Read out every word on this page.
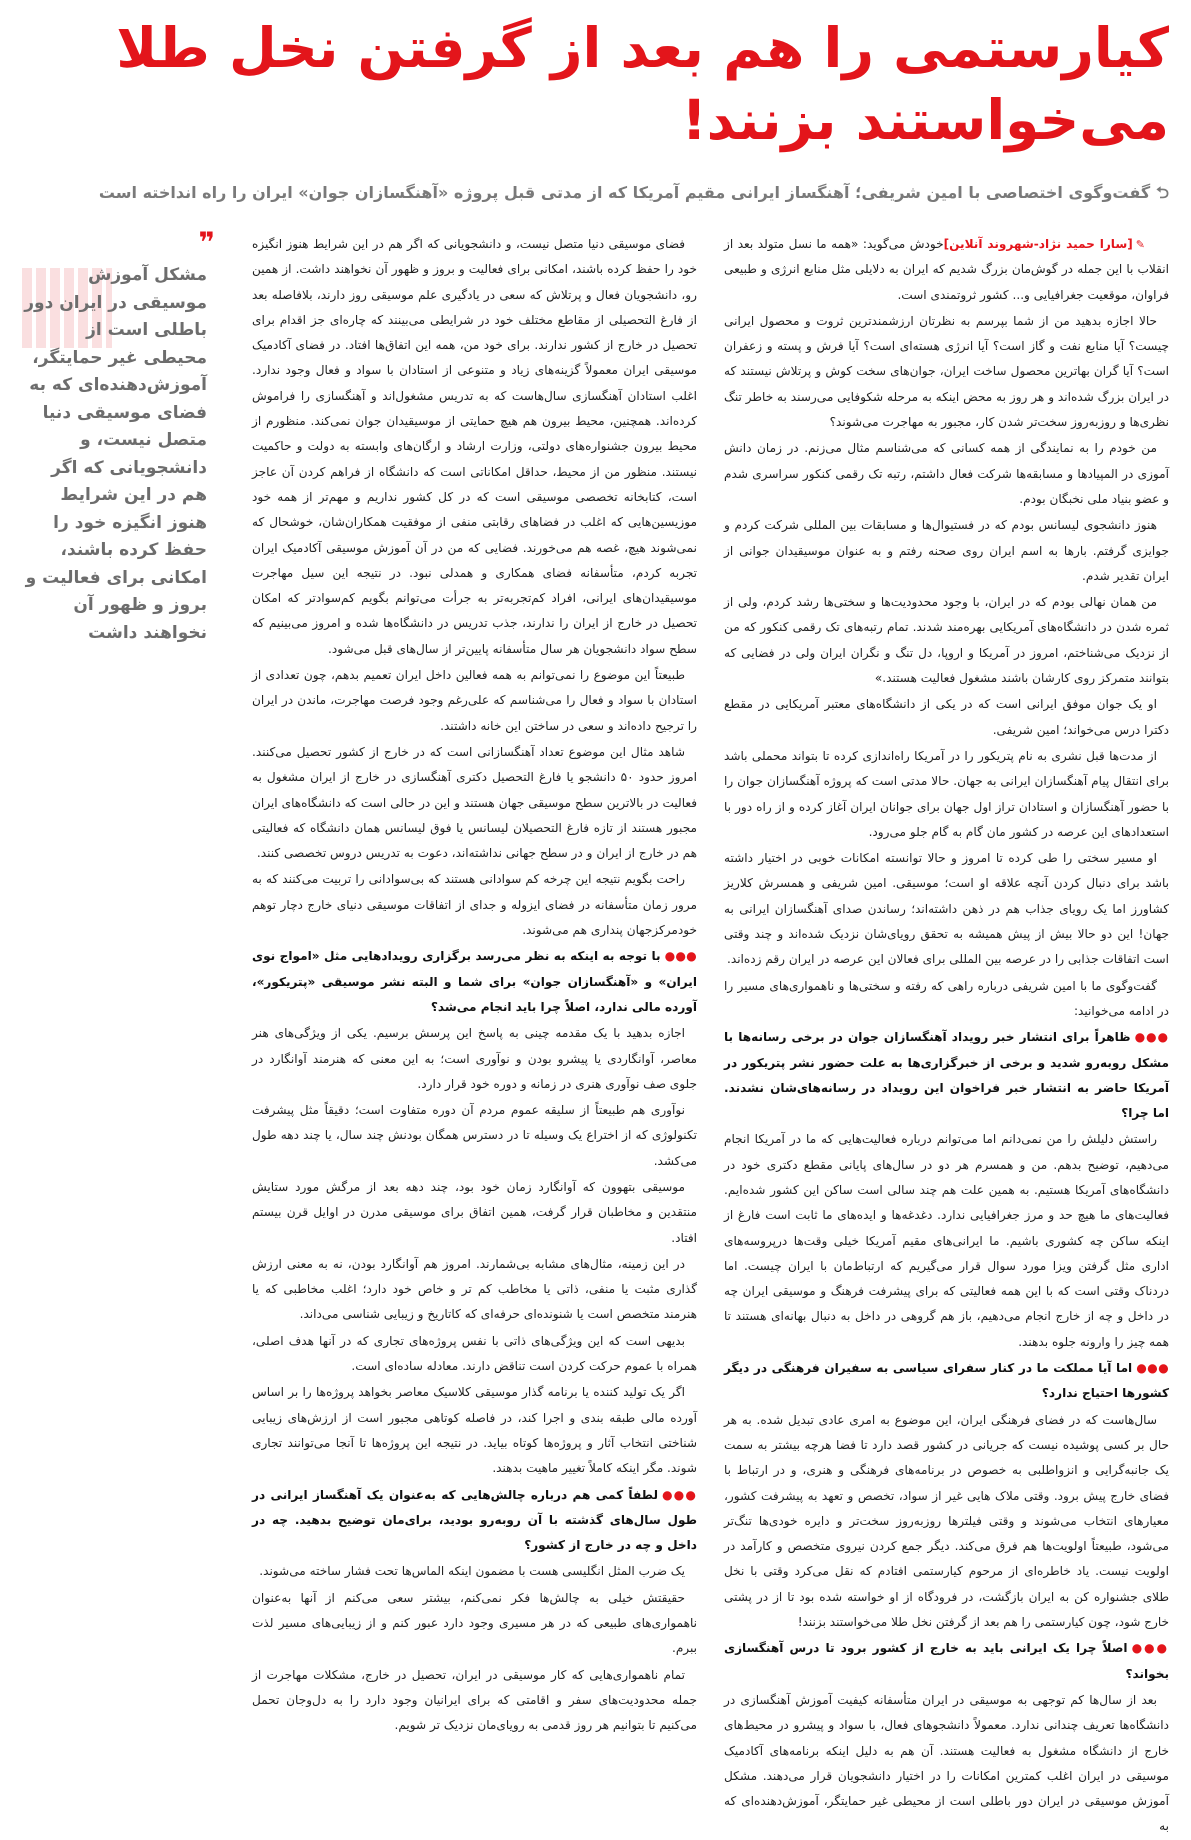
کیارستمی را هم بعد از گرفتن نخل طلا می‌خواستند بزنند!

⮌گفت‌وگوی اختصاصی با امین شریفی؛ آهنگساز ایرانی مقیم آمریکا که از مدتی قبل پروژه «آهنگسازان جوان» ایران را راه انداخته است

✎[سارا حمید نژاد-شهروند آنلاین]خودش می‌گوید: «همه ما نسل متولد بعد از انقلاب با این جمله در گوش‌مان بزرگ شدیم که ایران به دلایلی مثل منابع انرژی و طبیعی فراوان، موقعیت جغرافیایی و... کشور ثروتمندی است.

حالا اجازه بدهید من از شما بپرسم به نظرتان ارزشمندترین ثروت و محصول ایرانی چیست؟ آیا منابع نفت و گاز است؟ آیا انرژی هسته‌ای است؟ آیا فرش و پسته و زعفران است؟ آیا گران بهاترین محصول ساخت ایران، جوان‌های سخت کوش و پرتلاش نیستند که در ایران بزرگ شده‌اند و هر روز به محض اینکه به مرحله شکوفایی می‌رسند به خاطر تنگ نظری‌ها و روزبه‌روز سخت‌تر شدن کار، مجبور به مهاجرت می‌شوند؟

من خودم را به نمایندگی از همه کسانی که می‌شناسم مثال می‌زنم. در زمان دانش آموزی در المپیادها و مسابقه‌ها شرکت فعال داشتم، رتبه تک رقمی کنکور سراسری شدم و عضو بنیاد ملی نخبگان بودم.

هنوز دانشجوی لیسانس بودم که در فستیوال‌ها و مسابقات بین المللی شرکت کردم و جوایزی گرفتم. بارها به اسم ایران روی صحنه رفتم و به عنوان موسیقیدان جوانی از ایران تقدیر شدم.

من همان نهالی بودم که در ایران، با وجود محدودیت‌ها و سختی‌ها رشد کردم، ولی از ثمره شدن در دانشگاه‌های آمریکایی بهره‌مند شدند. تمام رتبه‌های تک رقمی کنکور که من از نزدیک می‌شناختم، امروز در آمریکا و اروپا، دل تنگ و نگران ایران ولی در فضایی که بتوانند متمرکز روی کارشان باشند مشغول فعالیت هستند.»

او یک جوان موفق ایرانی است که در یکی از دانشگاه‌های معتبر آمریکایی در مقطع دکترا درس می‌خواند؛ امین شریفی.

از مدت‌ها قبل نشری به نام پتریکور را در آمریکا راه‌اندازی کرده تا بتواند محملی باشد برای انتقال پیام آهنگسازان ایرانی به جهان. حالا مدتی است که پروژه آهنگسازان جوان را با حضور آهنگسازان و استادان تراز اول جهان برای جوانان ایران آغاز کرده و از راه دور با استعدادهای این عرصه در کشور مان گام به گام جلو می‌رود.

او مسیر سختی را طی کرده تا امروز و حالا توانسته امکانات خوبی در اختیار داشته باشد برای دنبال کردن آنچه علاقه او است؛ موسیقی. امین شریفی و همسرش کلاریز کشاورز اما یک رویای جذاب هم در ذهن داشته‌اند؛ رساندن صدای آهنگسازان ایرانی به جهان! این دو حالا بیش از پیش همیشه به تحقق رویای‌شان نزدیک شده‌اند و چند وقتی است اتفاقات جذابی را در عرصه بین المللی برای فعالان این عرصه در ایران رقم زده‌اند.

گفت‌وگوی ما با امین شریفی درباره راهی که رفته و سختی‌ها و ناهمواری‌های مسیر را در ادامه می‌خوانید:

●●●ظاهراً برای انتشار خبر رویداد آهنگسازان جوان در برخی رسانه‌ها با مشکل روبه‌رو شدید و برخی از خبرگزاری‌ها به علت حضور نشر پتریکور در آمریکا حاضر به انتشار خبر فراخوان این رویداد در رسانه‌های‌شان نشدند. اما چرا؟

راستش دلیلش را من نمی‌دانم اما می‌توانم درباره فعالیت‌هایی که ما در آمریکا انجام می‌دهیم، توضیح بدهم. من و همسرم هر دو در سال‌های پایانی مقطع دکتری خود در دانشگاه‌های آمریکا هستیم. به همین علت هم چند سالی است ساکن این کشور شده‌ایم. فعالیت‌های ما هیچ حد و مرز جغرافیایی ندارد. دغدغه‌ها و ایده‌های ما ثابت است فارغ از اینکه ساکن چه کشوری باشیم. ما ایرانی‌های مقیم آمریکا خیلی وقت‌ها درپروسه‌های اداری مثل گرفتن ویزا مورد سوال قرار می‌گیریم که ارتباط‌مان با ایران چیست. اما دردناک وقتی است که با این همه فعالیتی که برای پیشرفت فرهنگ و موسیقی ایران چه در داخل و چه از خارج انجام می‌دهیم، باز هم گروهی در داخل به دنبال بهانه‌ای هستند تا همه چیز را وارونه جلوه بدهند.

●●●اما آیا مملکت ما در کنار سفرای سیاسی به سفیران فرهنگی در دیگر کشورها احتیاج ندارد؟

سال‌هاست که در فضای فرهنگی ایران، این موضوع به امری عادی تبدیل شده. به هر حال بر کسی پوشیده نیست که جریانی در کشور قصد دارد تا فضا هرچه بیشتر به سمت یک جانبه‌گرایی و انزواطلبی به خصوص در برنامه‌های فرهنگی و هنری، و در ارتباط با فضای خارج پیش برود. وقتی ملاک هایی غیر از سواد، تخصص و تعهد به پیشرفت کشور، معیارهای انتخاب می‌شوند و وقتی فیلترها روزبه‌روز سخت‌تر و دایره خودی‌ها تنگ‌تر می‌شود، طبیعتاً اولویت‌ها هم فرق می‌کند. دیگر جمع کردن نیروی متخصص و کارآمد در اولویت نیست. یاد خاطره‌ای از مرحوم کیارستمی افتادم که نقل می‌کرد وقتی با نخل طلای جشنواره کن به ایران بازگشت، در فرودگاه از او خواسته شده بود تا از در پشتی خارج شود، چون کیارستمی را هم بعد از گرفتن نخل طلا می‌خواستند بزنند!

●●●اصلاً چرا یک ایرانی باید به خارج از کشور برود تا درس آهنگسازی بخواند؟

بعد از سال‌ها کم توجهی به موسیقی در ایران متأسفانه کیفیت آموزش آهنگسازی در دانشگاه‌ها تعریف چندانی ندارد. معمولاً دانشجوهای فعال، با سواد و پیشرو در محیط‌های خارج از دانشگاه مشغول به فعالیت هستند. آن هم به دلیل اینکه برنامه‌های آکادمیک موسیقی در ایران اغلب کمترین امکانات را در اختیار دانشجویان قرار می‌دهند. مشکل آموزش موسیقی در ایران دور باطلی است از محیطی غیر حمایتگر، آموزش‌دهنده‌ای که به

فضای موسیقی دنیا متصل نیست، و دانشجویانی که اگر هم در این شرایط هنوز انگیزه خود را حفظ کرده باشند، امکانی برای فعالیت و بروز و ظهور آن نخواهند داشت. از همین رو، دانشجویان فعال و پرتلاش که سعی در یادگیری علم موسیقی روز دارند، بلافاصله بعد از فارغ التحصیلی از مقاطع مختلف خود در شرایطی می‌بینند که چاره‌ای جز اقدام برای تحصیل در خارج از کشور ندارند. برای خود من، همه این اتفاق‌ها افتاد. در فضای آکادمیک موسیقی ایران معمولاً گزینه‌های زیاد و متنوعی از استادان با سواد و فعال وجود ندارد. اغلب استادان آهنگسازی سال‌هاست که به تدریس مشغول‌اند و آهنگسازی را فراموش کرده‌اند. همچنین، محیط بیرون هم هیچ حمایتی از موسیقیدان جوان نمی‌کند. منظورم از محیط بیرون جشنواره‌های دولتی، وزارت ارشاد و ارگان‌های وابسته به دولت و حاکمیت نیستند. منظور من از محیط، حداقل امکاناتی است که دانشگاه از فراهم کردن آن عاجز است، کتابخانه تخصصی موسیقی است که در کل کشور نداریم و مهم‌تر از همه خود موزیسین‌هایی که اغلب در فضاهای رقابتی منفی از موفقیت همکاران‌شان، خوشحال که نمی‌شوند هیچ، غصه هم می‌خورند. فضایی که من در آن آموزش موسیقی آکادمیک ایران تجربه کردم، متأسفانه فضای همکاری و همدلی نبود. در نتیجه این سیل مهاجرت موسیقیدان‌های ایرانی، افراد کم‌تجربه‌تر به جرأت می‌توانم بگویم کم‌سوادتر که امکان تحصیل در خارج از ایران را ندارند، جذب تدریس در دانشگاه‌ها شده و امروز می‌بینیم که سطح سواد دانشجویان هر سال متأسفانه پایین‌تر از سال‌های قبل می‌شود.

طبیعتاً این موضوع را نمی‌توانم به همه فعالین داخل ایران تعمیم بدهم، چون تعدادی از استادان با سواد و فعال را می‌شناسم که علی‌رغم وجود فرصت مهاجرت، ماندن در ایران را ترجیح داده‌اند و سعی در ساختن این خانه داشتند.

شاهد مثال این موضوع تعداد آهنگسازانی است که در خارج از کشور تحصیل می‌کنند. امروز حدود ۵۰ دانشجو یا فارغ التحصیل دکتری آهنگسازی در خارج از ایران مشغول به فعالیت در بالاترین سطح موسیقی جهان هستند و این در حالی است که دانشگاه‌های ایران مجبور هستند از تازه فارغ التحصیلان لیسانس یا فوق لیسانس همان دانشگاه که فعالیتی هم در خارج از ایران و در سطح جهانی نداشته‌اند، دعوت به تدریس دروس تخصصی کنند.

راحت بگویم نتیجه این چرخه کم سوادانی هستند که بی‌سوادانی را تربیت می‌کنند که به مرور زمان متأسفانه در فضای ایزوله و جدای از اتفاقات موسیقی دنیای خارج دچار توهم خودمرکزجهان پنداری هم می‌شوند.

●●●با توجه به اینکه به نظر می‌رسد برگزاری رویدادهایی مثل «امواج نوی ایران» و «آهنگسازان جوان» برای شما و البته نشر موسیقی «پتریکور»، آورده مالی ندارد، اصلاً چرا باید انجام می‌شد؟

اجازه بدهید با یک مقدمه چینی به پاسخ این پرسش برسیم. یکی از ویژگی‌های هنر معاصر، آوانگاردی یا پیشرو بودن و نوآوری است؛ به این معنی که هنرمند آوانگارد در جلوی صف نوآوری هنری در زمانه و دوره خود قرار دارد.

نوآوری هم طبیعتاً از سلیقه عموم مردم آن دوره متفاوت است؛ دقیقاً مثل پیشرفت تکنولوژی که از اختراع یک وسیله تا در دسترس همگان بودنش چند سال، یا چند دهه طول می‌کشد.

موسیقی بتهوون که آوانگارد زمان خود بود، چند دهه بعد از مرگش مورد ستایش منتقدین و مخاطبان قرار گرفت، همین اتفاق برای موسیقی مدرن در اوایل قرن بیستم افتاد.

در این زمینه، مثال‌های مشابه بی‌شمارند. امروز هم آوانگارد بودن، نه به معنی ارزش گذاری مثبت یا منفی، ذاتی یا مخاطب کم تر و خاص خود دارد؛ اغلب مخاطبی که یا هنرمند متخصص است یا شنونده‌ای حرفه‌ای که کاتاریخ و زیبایی شناسی می‌داند.

بدیهی است که این ویژگی‌های ذاتی با نفس پروژه‌های تجاری که در آنها هدف اصلی، همراه با عموم حرکت کردن است تناقض دارند. معادله ساده‌ای است.

اگر یک تولید کننده یا برنامه گذار موسیقی کلاسیک معاصر بخواهد پروژه‌ها را بر اساس آورده مالی طبقه بندی و اجرا کند، در فاصله کوتاهی مجبور است از ارزش‌های زیبایی شناختی انتخاب آثار و پروژه‌ها کوتاه بیاید. در نتیجه این پروژه‌ها تا آنجا می‌توانند تجاری شوند. مگر اینکه کاملاً تغییر ماهیت بدهند.

●●●لطفاً کمی هم درباره چالش‌هایی که به‌عنوان یک آهنگساز ایرانی در طول سال‌های گذشته با آن روبه‌رو بودید، برای‌مان توضیح بدهید. چه در داخل و چه در خارج از کشور؟

یک ضرب المثل انگلیسی هست با مضمون اینکه الماس‌ها تحت فشار ساخته می‌شوند.

حقیقتش خیلی به چالش‌ها فکر نمی‌کنم، بیشتر سعی می‌کنم از آنها به‌عنوان ناهمواری‌های طبیعی که در هر مسیری وجود دارد عبور کنم و از زیبایی‌های مسیر لذت ببرم.

تمام ناهمواری‌هایی که کار موسیقی در ایران، تحصیل در خارج، مشکلات مهاجرت از جمله محدودیت‌های سفر و اقامتی که برای ایرانیان وجود دارد را به دل‌وجان تحمل می‌کنیم تا بتوانیم هر روز قدمی به رویای‌مان نزدیک تر شویم.

❞

مشکل آموزش موسیقی در ایران دور باطلی است از محیطی غیر حمایتگر، آموزش‌دهنده‌ای که به فضای موسیقی دنیا متصل نیست، و دانشجویانی که اگر هم در این شرایط هنوز انگیزه خود را حفظ کرده باشند، امکانی برای فعالیت و بروز و ظهور آن نخواهند داشت
